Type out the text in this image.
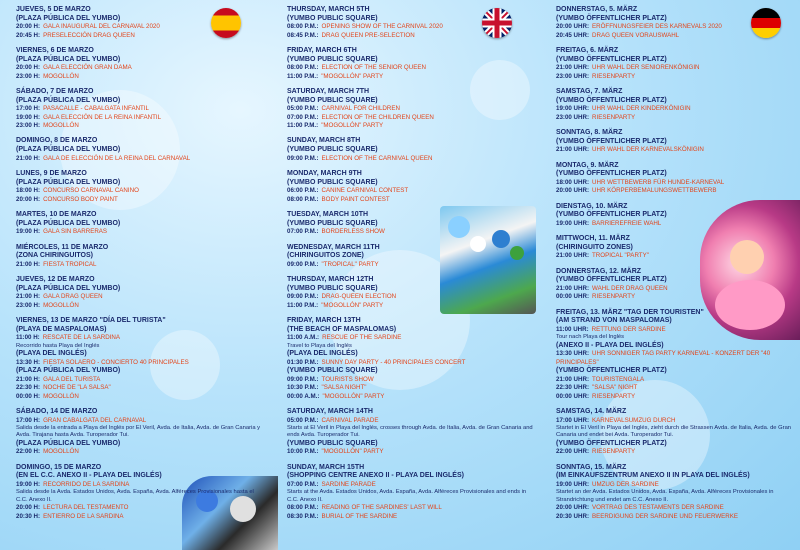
JUEVES, 5 DE MARZO
(PLAZA PÚBLICA DEL YUMBO)
20:00 H: GALA INAUGURAL DEL CARNAVAL 2020
20:45 H: PRESELECCIÓN DRAG QUEEN
VIERNES, 6 DE MARZO
(PLAZA PÚBLICA DEL YUMBO)
20:00 H: GALA ELECCIÓN GRAN DAMA
23:00 H: MOGOLLÓN
SÁBADO, 7 DE MARZO
(PLAZA PÚBLICA DEL YUMBO)
17:00 H: PASACALLE - CABALGATA INFANTIL
19:00 H: GALA ELECCIÓN DE LA REINA INFANTIL
23:00 H: MOGOLLÓN
DOMINGO, 8 DE MARZO
(PLAZA PÚBLICA DEL YUMBO)
21:00 H: GALA DE ELECCIÓN DE LA REINA DEL CARNAVAL
LUNES, 9 DE MARZO
(PLAZA PÚBLICA DEL YUMBO)
18:00 H: CONCURSO CARNAVAL CANINO
20:00 H: CONCURSO BODY PAINT
MARTES, 10 DE MARZO
(PLAZA PÚBLICA DEL YUMBO)
19:00 H: GALA SIN BARRERAS
MIÉRCOLES, 11 DE MARZO
(ZONA CHIRINGUITOS)
21:00 H: FIESTA TROPICAL
JUEVES, 12 DE MARZO
(PLAZA PÚBLICA DEL YUMBO)
21:00 H: GALA DRAG QUEEN
23:00 H: MOGOLLÓN
VIERNES, 13 DE MARZO "DÍA DEL TURISTA"
(PLAYA DE MASPALOMAS)
11:00 H: RESCATE DE LA SARDINA
Recorrido hasta Playa del Inglés
(PLAYA DEL INGLÉS)
13:30 H: FIESTA SOLAERO - CONCIERTO 40 PRINCIPALES
(PLAZA PÚBLICA DEL YUMBO)
21:00 H: GALA DEL TURISTA
22:30 H: NOCHE DE "LA SALSA"
00:00 H: MOGOLLÓN
SÁBADO, 14 DE MARZO
17:00 H: GRAN CABALGATA DEL CARNAVAL
Salida desde la entrada a Playa del Inglés por El Veril, Avda. de Italia, Avda. de Gran Canaria y Avda. Tirajana hasta Avda. Turoperador Tui.
(PLAZA PÚBLICA DEL YUMBO)
22:00 H: MOGOLLÓN
DOMINGO, 15 DE MARZO
(EN EL C.C. ANEXO II - PLAYA DEL INGLÉS)
19:00 H: RECORRIDO DE LA SARDINA
Salida desde la Avda. Estados Unidos, Avda. España, Avda. Alféreces Provisionales hasta el C.C. Anexo II.
20:00 H: LECTURA DEL TESTAMENTO
20:30 H: ENTIERRO DE LA SARDINA
THURSDAY, MARCH 5TH
(YUMBO PUBLIC SQUARE)
08:00 P.M.: OPENING SHOW OF THE CARNIVAL 2020
08:45 P.M.: DRAG QUEEN PRE-SELECTION
FRIDAY, MARCH 6TH
(YUMBO PUBLIC SQUARE)
08:00 P.M.: ELECTION OF THE SENIOR QUEEN
11:00 P.M.: "MOGOLLÓN" PARTY
SATURDAY, MARCH 7TH
(YUMBO PUBLIC SQUARE)
05:00 P.M.: CARNIVAL FOR CHILDREN
07:00 P.M.: ELECTION OF THE CHILDREN QUEEN
11:00 P.M.: "MOGOLLÓN" PARTY
SUNDAY, MARCH 8TH
(YUMBO PUBLIC SQUARE)
09:00 P.M.: ELECTION OF THE CARNIVAL QUEEN
MONDAY, MARCH 9TH
(YUMBO PUBLIC SQUARE)
06:00 P.M.: CANINE CARNIVAL CONTEST
08:00 P.M.: BODY PAINT CONTEST
TUESDAY, MARCH 10TH
(YUMBO PUBLIC SQUARE)
07:00 P.M.: BORDERLESS SHOW
WEDNESDAY, MARCH 11TH
(CHIRINGUITOS ZONE)
09:00 P.M.: "TROPICAL" PARTY
THURSDAY, MARCH 12TH
(YUMBO PUBLIC SQUARE)
09:00 P.M.: DRAG-QUEEN ELECTION
11:00 P.M.: "MOGOLLÓN" PARTY
FRIDAY, MARCH 13TH
(THE BEACH OF MASPALOMAS)
11:00 A.M.: RESCUE OF THE SARDINE
Travel to Playa del Inglés
(PLAYA DEL INGLÉS)
01:30 P.M.: SUNNY DAY PARTY - 40 PRINCIPALES CONCERT
(YUMBO PUBLIC SQUARE)
09:00 P.M.: TOURISTS SHOW
10:30 P.M.: "SALSA NIGHT"
00:00 A.M.: "MOGOLLÓN" PARTY
SATURDAY, MARCH 14TH
05:00 P.M.: CARNIVAL PARADE
Starts at El Veril in Playa del Inglés, crosses through Avda. de Italia, Avda. de Gran Canaria and ends Avda. Turoperador Tui.
(YUMBO PUBLIC SQUARE)
10:00 P.M.: "MOGOLLÓN" PARTY
SUNDAY, MARCH 15TH
(SHOPPING CENTRE ANEXO II - PLAYA DEL INGLÉS)
07:00 P.M.: SARDINE PARADE
Starts at the Avda. Estados Unidos, Avda. España, Avda. Alféreces Provisionales and ends in C.C. Anexo II.
08:00 P.M.: READING OF THE SARDINES' LAST WILL
08:30 P.M.: BURIAL OF THE SARDINE
DONNERSTAG, 5. MÄRZ
(YUMBO ÖFFENTLICHER PLATZ)
20:00 UHR: ERÖFFNUNGSFEIER DES KARNEVALS 2020
20:45 UHR: DRAG QUEEN VORAUSWAHL
FREITAG, 6. MÄRZ
(YUMBO ÖFFENTLICHER PLATZ)
21:00 UHR: UHR WAHL DER SENIORENKÖNIGIN
23:00 UHR: RIESENPARTY
SAMSTAG, 7. MÄRZ
(YUMBO ÖFFENTLICHER PLATZ)
19:00 UHR: UHR WAHL DER KINDERKÖNIGIN
23:00 UHR: RIESENPARTY
SONNTAG, 8. MÄRZ
(YUMBO ÖFFENTLICHER PLATZ)
21:00 UHR: UHR WAHL DER KARNEVALSKÖNIGIN
MONTAG, 9. MÄRZ
(YUMBO ÖFFENTLICHER PLATZ)
18:00 UHR: UHR WETTBEWERB FÜR HUNDE-KARNEVAL
20:00 UHR: UHR KÖRPERBEMALUNGSWETTBEWERB
DIENSTAG, 10. MÄRZ
(YUMBO ÖFFENTLICHER PLATZ)
19:00 UHR: BARRIEREFREIE WAHL
MITTWOCH, 11. MÄRZ
(CHIRINGUITO ZONES)
21:00 UHR: TROPICAL "PARTY"
DONNERSTAG, 12. MÄRZ
(YUMBO ÖFFENTLICHER PLATZ)
21:00 UHR: WAHL DER DRAG QUEEN
00:00 UHR: RIESENPARTY
FREITAG, 13. MÄRZ "TAG DER TOURISTEN"
(AM STRAND VON MASPALOMAS)
11:00 UHR: RETTUNG DER SARDINE
Tour nach Playa del Inglés
(ANEXO II - PLAYA DEL INGLÉS)
13:30 UHR: UHR SONNIGER TAG PARTY KARNEVAL - KONZERT DER "40 PRINCIPALES"
(YUMBO ÖFFENTLICHER PLATZ)
21:00 UHR: TOURISTENGALA
22:30 UHR: "SALSA" NIGHT
00:00 UHR: RIESENPARTY
SAMSTAG, 14. MÄRZ
17:00 UHR: KARNEVALSUMZUG DURCH
Startet in El Veril in Playa del Inglés, zieht durch die Strassen Avda. de Italia, Avda. de Gran Canaria und endet bei Avda. Turoperador Tui.
(YUMBO ÖFFENTLICHER PLATZ)
22:00 UHR: RIESENPARTY
SONNTAG, 15. MÄRZ
(IM EINKAUFSZENTRUM ANEXO II IN PLAYA DEL INGLÉS)
19:00 UHR: UMZUG DER SARDINE
Startet an der Avda. Estados Unidos, Avda. España, Avda. Alféreces Provisionales in Strandrichtung und endet am C.C. Anexo II.
20:00 UHR: VORTRAG DES TESTAMENTS DER SARDINE
20:30 UHR: BEERDIGUNG DER SARDINE UND FEUERWERKE
